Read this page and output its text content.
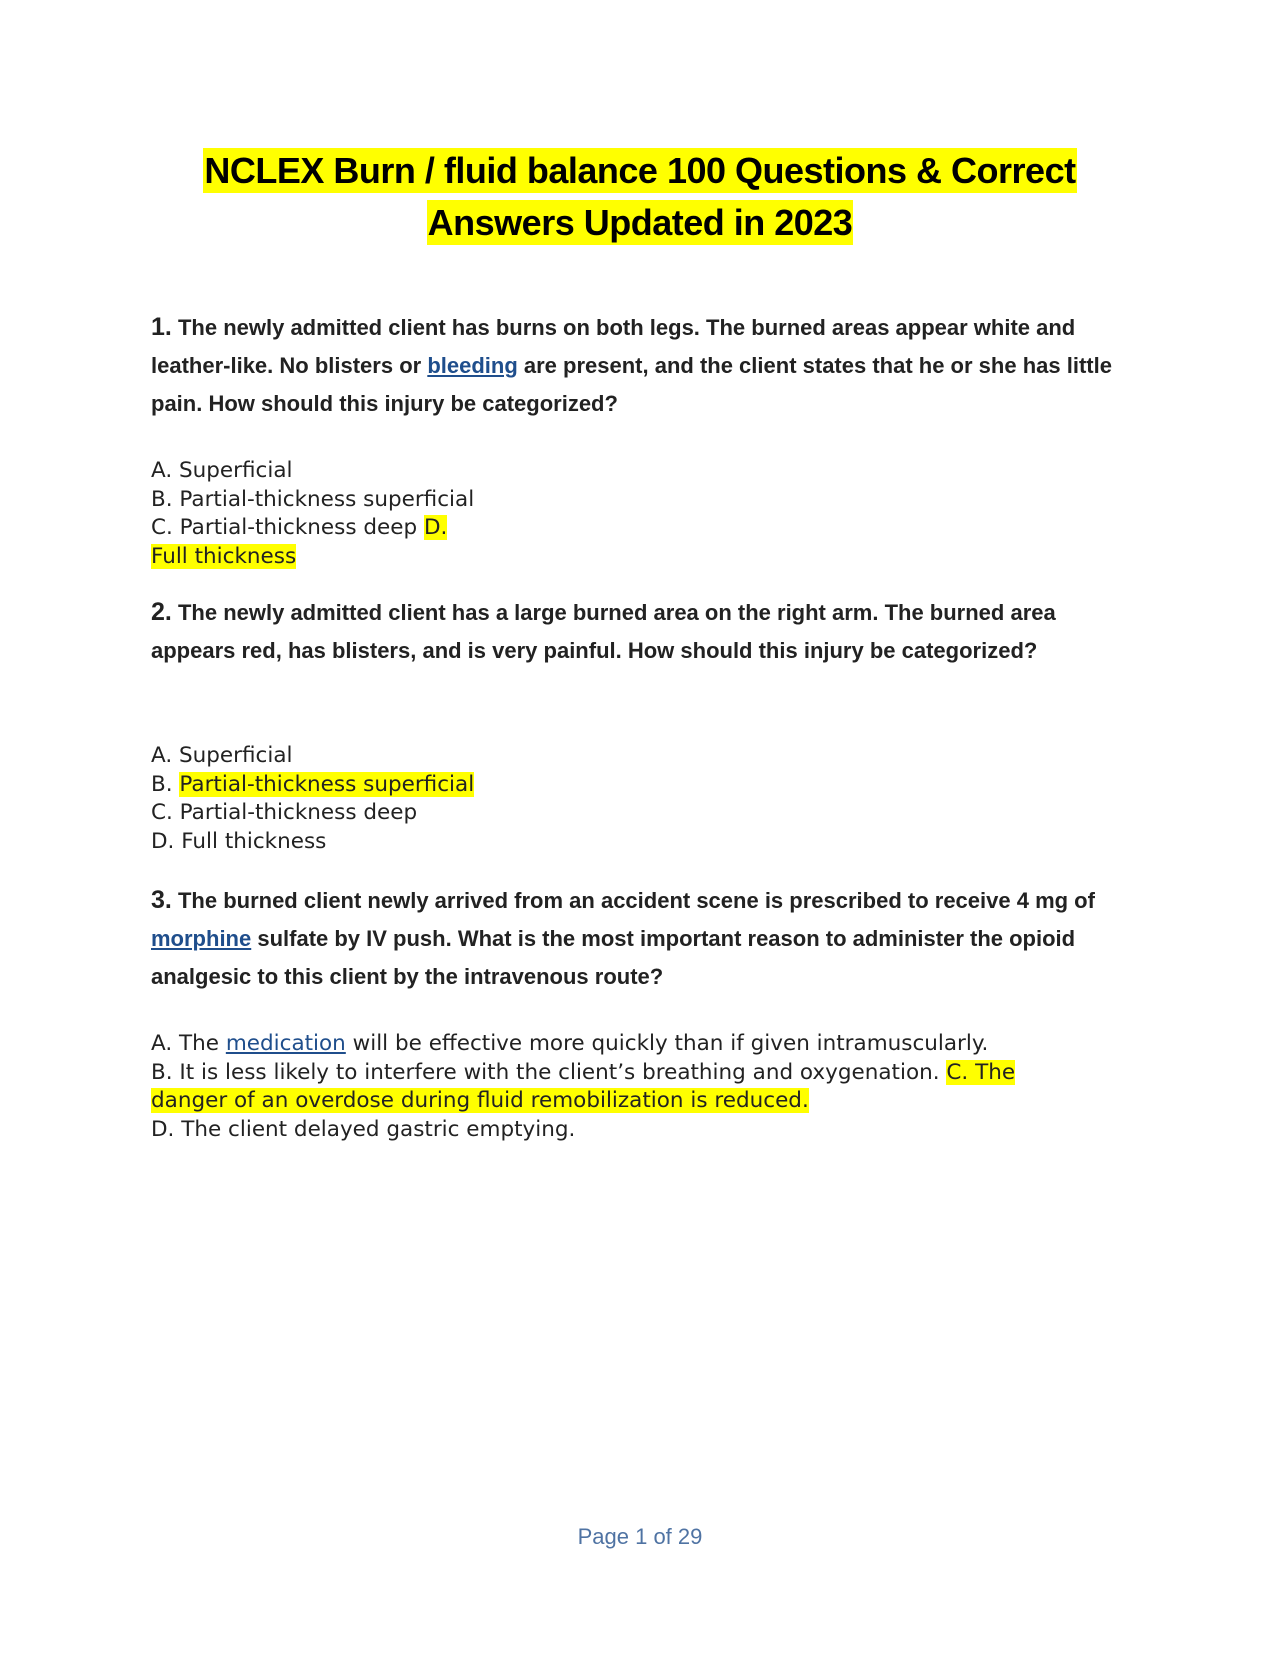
NCLEX Burn / fluid balance 100 Questions & Correct
Answers Updated in 2023
1. The newly admitted client has burns on both legs. The burned areas appear white and leather-like. No blisters or bleeding are present, and the client states that he or she has little pain. How should this injury be categorized?
A. Superficial
B. Partial-thickness superficial
C. Partial-thickness deep D.
Full thickness
2. The newly admitted client has a large burned area on the right arm. The burned area appears red, has blisters, and is very painful. How should this injury be categorized?
A. Superficial
B. Partial-thickness superficial
C. Partial-thickness deep
D. Full thickness
3. The burned client newly arrived from an accident scene is prescribed to receive 4 mg of morphine sulfate by IV push. What is the most important reason to administer the opioid analgesic to this client by the intravenous route?
A. The medication will be effective more quickly than if given intramuscularly.
B. It is less likely to interfere with the client’s breathing and oxygenation. C. The
danger of an overdose during fluid remobilization is reduced.
D. The client delayed gastric emptying.
Page 1 of 29
